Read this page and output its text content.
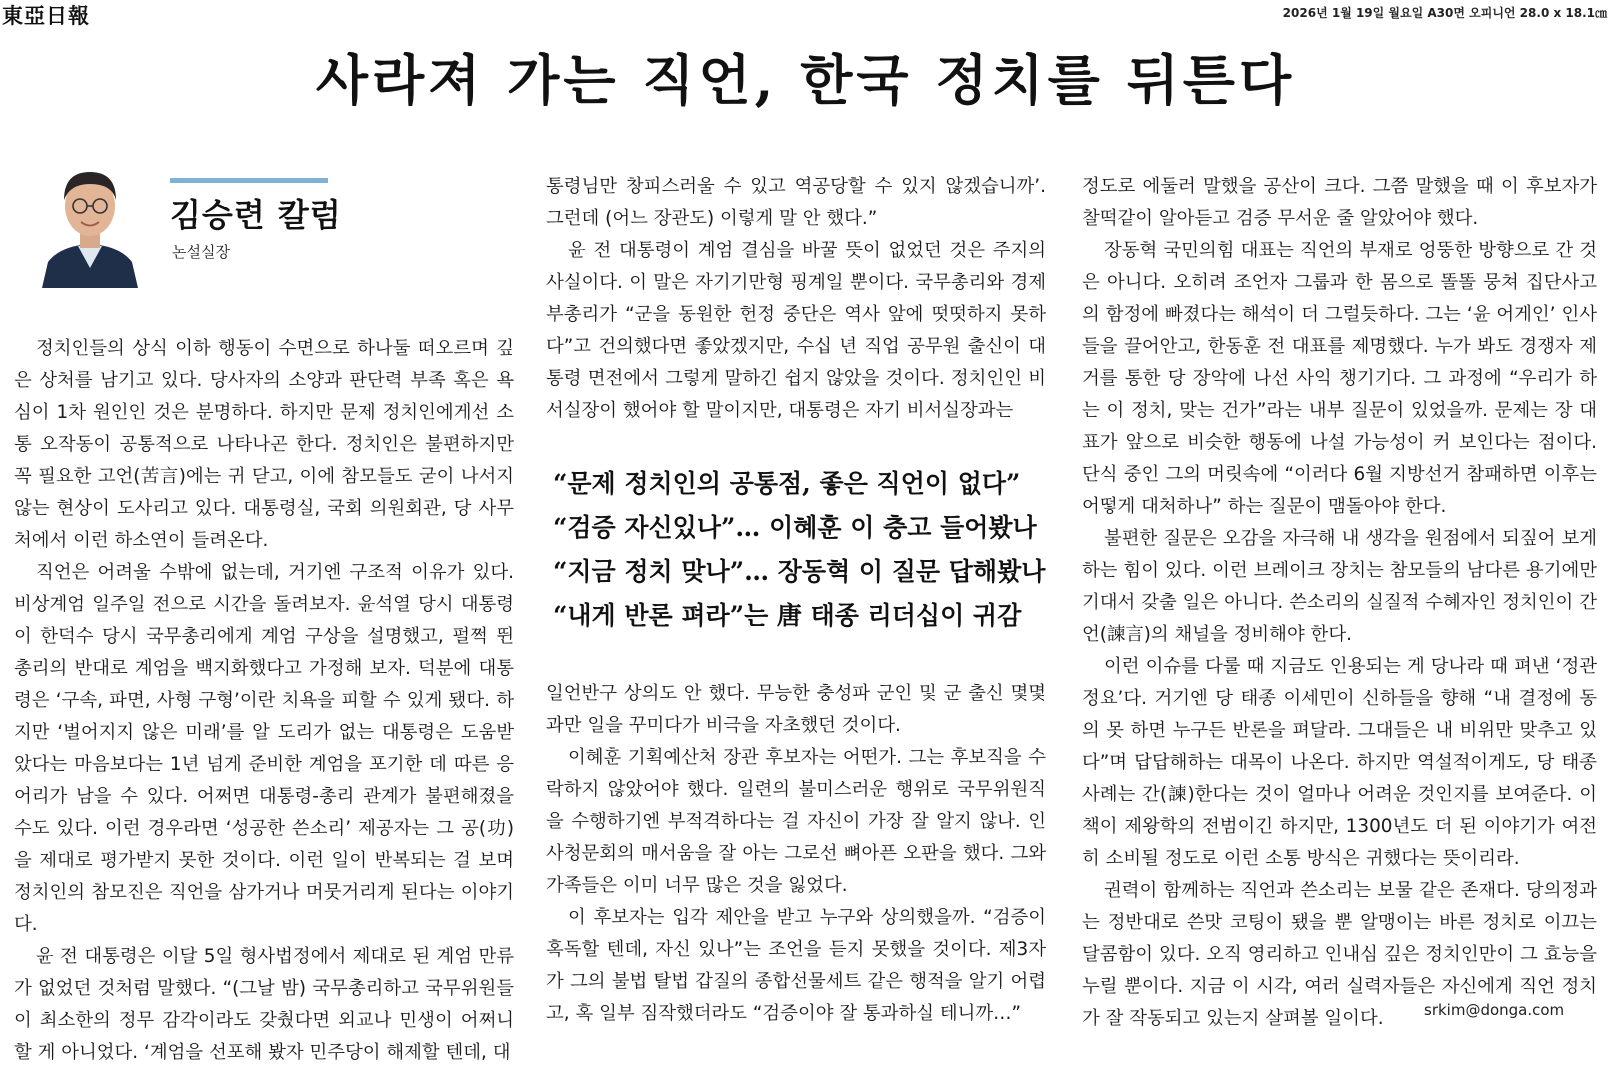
東亞日報	2026년 1월 19일 월요일 A30면 오피니언 28.0 x 18.1㎝
사라져 가는 직언, 한국 정치를 뒤튼다
김승련 칼럼
논설실장

정치인들의 상식 이하 행동이 수면으로 하나둘 떠오르며 깊은 상처를 남기고 있다. 당사자의 소양과 판단력 부족 혹은 욕심이 1차 원인인 것은 분명하다. 하지만 문제 정치인에게선 소통 오작동이 공통적으로 나타나곤 한다. 정치인은 불편하지만 꼭 필요한 고언(苦言)에는 귀 닫고, 이에 참모들도 굳이 나서지 않는 현상이 도사리고 있다. 대통령실, 국회 의원회관, 당 사무처에서 이런 하소연이 들려온다.

직언은 어려울 수밖에 없는데, 거기엔 구조적 이유가 있다. 비상계엄 일주일 전으로 시간을 돌려보자. 윤석열 당시 대통령이 한덕수 당시 국무총리에게 계엄 구상을 설명했고, 펄쩍 뛴 총리의 반대로 계엄을 백지화했다고 가정해 보자. 덕분에 대통령은 ‘구속, 파면, 사형 구형’이란 치욕을 피할 수 있게 됐다. 하지만 ‘벌어지지 않은 미래’를 알 도리가 없는 대통령은 도움받았다는 마음보다는 1년 넘게 준비한 계엄을 포기한 데 따른 응어리가 남을 수 있다. 어쩌면 대통령-총리 관계가 불편해졌을 수도 있다. 이런 경우라면 ‘성공한 쓴소리’ 제공자는 그 공(功)을 제대로 평가받지 못한 것이다. 이런 일이 반복되는 걸 보며 정치인의 참모진은 직언을 삼가거나 머뭇거리게 된다는 이야기다.

윤 전 대통령은 이달 5일 형사법정에서 제대로 된 계엄 만류가 없었던 것처럼 말했다. “(그날 밤) 국무총리하고 국무위원들이 최소한의 정무 감각이라도 갖췄다면 외교나 민생이 어쩌니 할 게 아니었다. ‘계엄을 선포해 봤자 민주당이 해제할 텐데, 대

통령님만 창피스러울 수 있고 역공당할 수 있지 않겠습니까’. 그런데 (어느 장관도) 이렇게 말 안 했다.”

윤 전 대통령이 계엄 결심을 바꿀 뜻이 없었던 것은 주지의 사실이다. 이 말은 자기기만형 핑계일 뿐이다. 국무총리와 경제부총리가 “군을 동원한 헌정 중단은 역사 앞에 떳떳하지 못하다”고 건의했다면 좋았겠지만, 수십 년 직업 공무원 출신이 대통령 면전에서 그렇게 말하긴 쉽지 않았을 것이다. 정치인인 비서실장이 했어야 할 말이지만, 대통령은 자기 비서실장과는

“문제 정치인의 공통점, 좋은 직언이 없다”
“검증 자신있나”… 이혜훈 이 충고 들어봤나
“지금 정치 맞나”… 장동혁 이 질문 답해봤나
“내게 반론 펴라”는 唐 태종 리더십이 귀감

일언반구 상의도 안 했다. 무능한 충성파 군인 및 군 출신 몇몇과만 일을 꾸미다가 비극을 자초했던 것이다.

이혜훈 기획예산처 장관 후보자는 어떤가. 그는 후보직을 수락하지 않았어야 했다. 일련의 불미스러운 행위로 국무위원직을 수행하기엔 부적격하다는 걸 자신이 가장 잘 알지 않나. 인사청문회의 매서움을 잘 아는 그로선 뼈아픈 오판을 했다. 그와 가족들은 이미 너무 많은 것을 잃었다.

이 후보자는 입각 제안을 받고 누구와 상의했을까. “검증이 혹독할 텐데, 자신 있나”는 조언을 듣지 못했을 것이다. 제3자가 그의 불법 탈법 갑질의 종합선물세트 같은 행적을 알기 어렵고, 혹 일부 짐작했더라도 “검증이야 잘 통과하실 테니까…”

정도로 에둘러 말했을 공산이 크다. 그쯤 말했을 때 이 후보자가 찰떡같이 알아듣고 검증 무서운 줄 알았어야 했다.

장동혁 국민의힘 대표는 직언의 부재로 엉뚱한 방향으로 간 것은 아니다. 오히려 조언자 그룹과 한 몸으로 똘똘 뭉쳐 집단사고의 함정에 빠졌다는 해석이 더 그럴듯하다. 그는 ‘윤 어게인’ 인사들을 끌어안고, 한동훈 전 대표를 제명했다. 누가 봐도 경쟁자 제거를 통한 당 장악에 나선 사익 챙기기다. 그 과정에 “우리가 하는 이 정치, 맞는 건가”라는 내부 질문이 있었을까. 문제는 장 대표가 앞으로 비슷한 행동에 나설 가능성이 커 보인다는 점이다. 단식 중인 그의 머릿속에 “이러다 6월 지방선거 참패하면 이후는 어떻게 대처하나” 하는 질문이 맴돌아야 한다.

불편한 질문은 오감을 자극해 내 생각을 원점에서 되짚어 보게 하는 힘이 있다. 이런 브레이크 장치는 참모들의 남다른 용기에만 기대서 갖출 일은 아니다. 쓴소리의 실질적 수혜자인 정치인이 간언(諫言)의 채널을 정비해야 한다.

이런 이슈를 다룰 때 지금도 인용되는 게 당나라 때 펴낸 ‘정관정요’다. 거기엔 당 태종 이세민이 신하들을 향해 “내 결정에 동의 못 하면 누구든 반론을 펴달라. 그대들은 내 비위만 맞추고 있다”며 답답해하는 대목이 나온다. 하지만 역설적이게도, 당 태종 사례는 간(諫)한다는 것이 얼마나 어려운 것인지를 보여준다. 이 책이 제왕학의 전범이긴 하지만, 1300년도 더 된 이야기가 여전히 소비될 정도로 이런 소통 방식은 귀했다는 뜻이리라.

권력이 함께하는 직언과 쓴소리는 보물 같은 존재다. 당의정과는 정반대로 쓴맛 코팅이 됐을 뿐 알맹이는 바른 정치로 이끄는 달콤함이 있다. 오직 영리하고 인내심 깊은 정치인만이 그 효능을 누릴 뿐이다. 지금 이 시각, 여러 실력자들은 자신에게 직언 정치가 잘 작동되고 있는지 살펴볼 일이다.	srkim@donga.com
